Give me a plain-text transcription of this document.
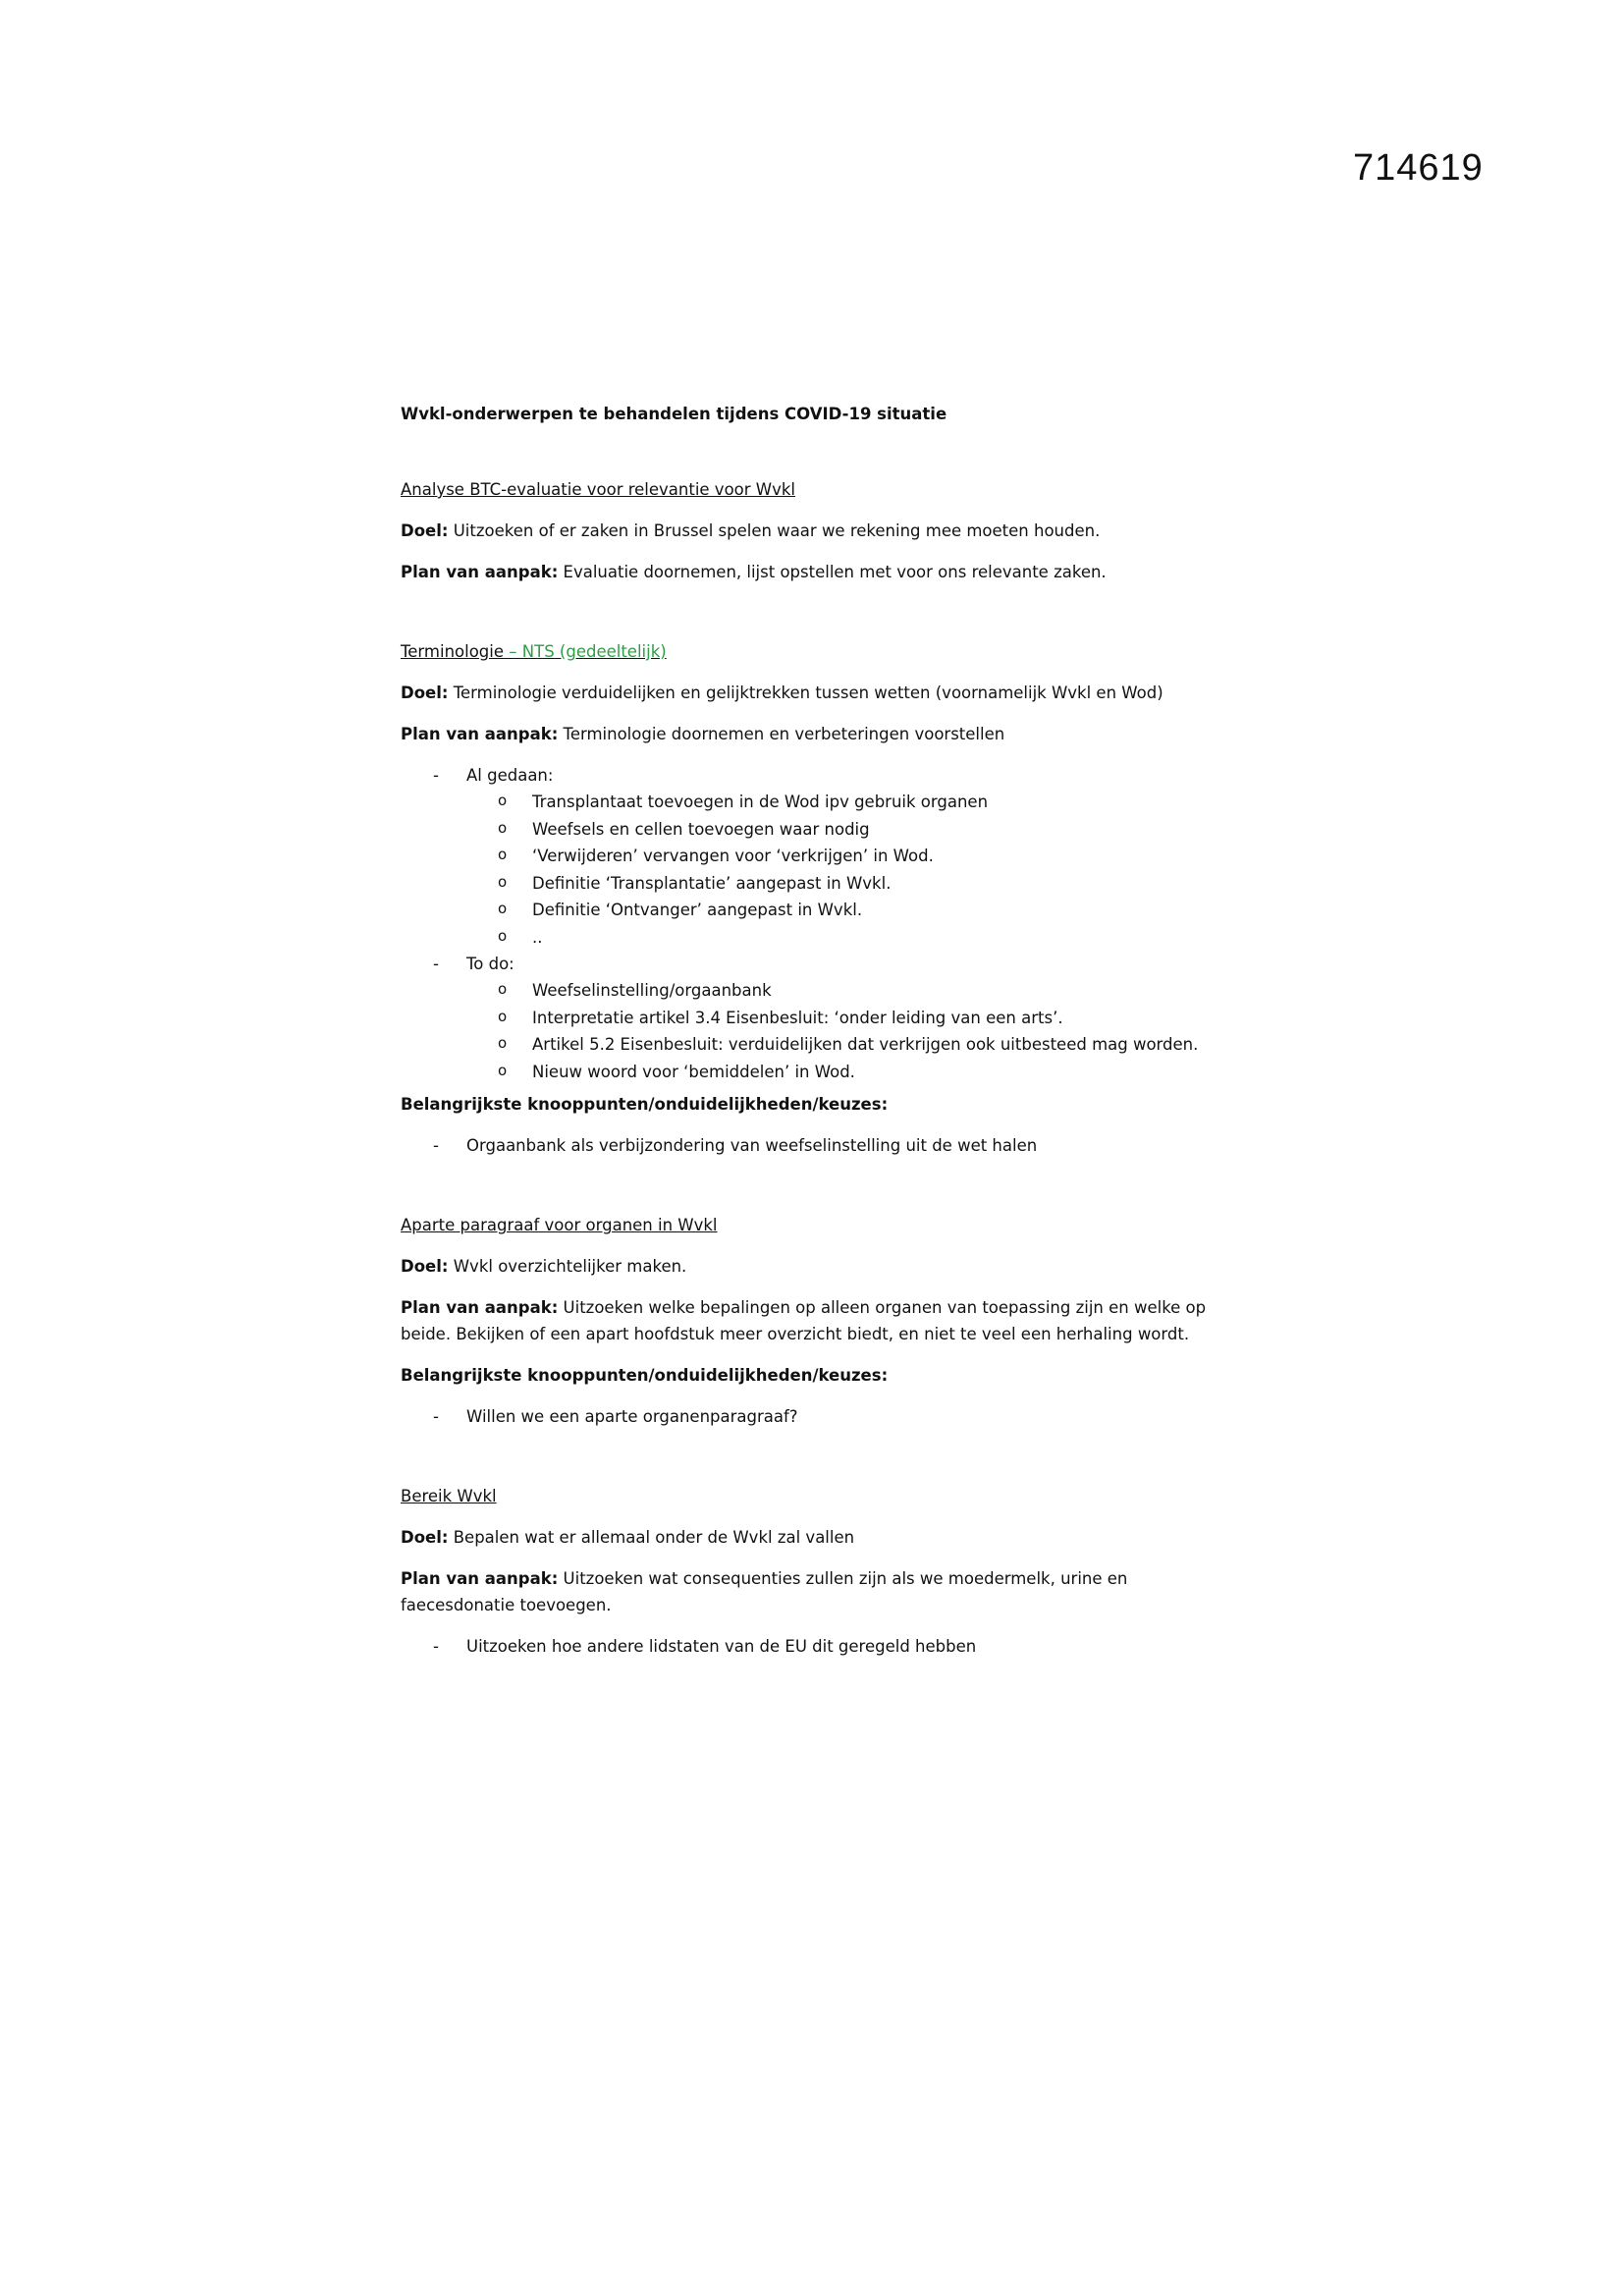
714619

Wvkl-onderwerpen te behandelen tijdens COVID-19 situatie

Analyse BTC-evaluatie voor relevantie voor Wvkl

Doel: Uitzoeken of er zaken in Brussel spelen waar we rekening mee moeten houden.

Plan van aanpak: Evaluatie doornemen, lijst opstellen met voor ons relevante zaken.

Terminologie – NTS (gedeeltelijk)

Doel: Terminologie verduidelijken en gelijktrekken tussen wetten (voornamelijk Wvkl en Wod)

Plan van aanpak: Terminologie doornemen en verbeteringen voorstellen

- Al gedaan:
o Transplantaat toevoegen in de Wod ipv gebruik organen
o Weefsels en cellen toevoegen waar nodig
o ‘Verwijderen’ vervangen voor ‘verkrijgen’ in Wod.
o Definitie ‘Transplantatie’ aangepast in Wvkl.
o Definitie ‘Ontvanger’ aangepast in Wvkl.
o ..
- To do:
o Weefselinstelling/orgaanbank
o Interpretatie artikel 3.4 Eisenbesluit: ‘onder leiding van een arts’.
o Artikel 5.2 Eisenbesluit: verduidelijken dat verkrijgen ook uitbesteed mag worden.
o Nieuw woord voor ‘bemiddelen’ in Wod.

Belangrijkste knooppunten/onduidelijkheden/keuzes:

- Orgaanbank als verbijzondering van weefselinstelling uit de wet halen

Aparte paragraaf voor organen in Wvkl

Doel: Wvkl overzichtelijker maken.

Plan van aanpak: Uitzoeken welke bepalingen op alleen organen van toepassing zijn en welke op beide. Bekijken of een apart hoofdstuk meer overzicht biedt, en niet te veel een herhaling wordt.

Belangrijkste knooppunten/onduidelijkheden/keuzes:

- Willen we een aparte organenparagraaf?

Bereik Wvkl

Doel: Bepalen wat er allemaal onder de Wvkl zal vallen

Plan van aanpak: Uitzoeken wat consequenties zullen zijn als we moedermelk, urine en faecesdonatie toevoegen.

- Uitzoeken hoe andere lidstaten van de EU dit geregeld hebben
